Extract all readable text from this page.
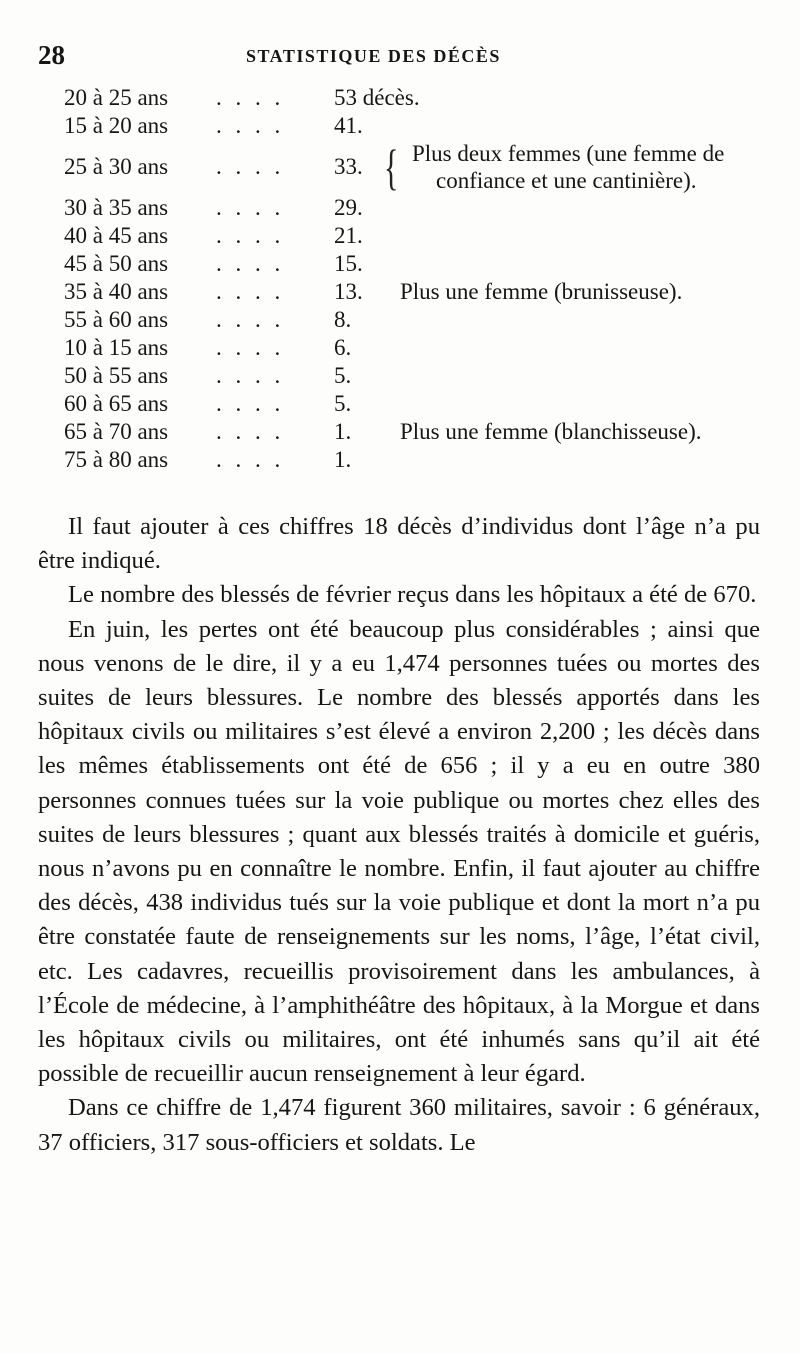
28	STATISTIQUE DES DÉCÈS
20 à 25 ans . . . . 53 décès.
15 à 20 ans . . . . 41.
25 à 30 ans . . . . 33. { Plus deux femmes (une femme de
confiance et une cantinière).
30 à 35 ans . . . . 29.
40 à 45 ans . . . . 21.
45 à 50 ans . . . . 15.
35 à 40 ans . . . . 13. Plus une femme (brunisseuse).
55 à 60 ans . . . . 8.
10 à 15 ans . . . . 6.
50 à 55 ans . . . . 5.
60 à 65 ans . . . . 5.
65 à 70 ans . . . . 1. Plus une femme (blanchisseuse).
75 à 80 ans . . . . 1.

Il faut ajouter à ces chiffres 18 décès d’individus dont l’âge n’a pu être indiqué.

Le nombre des blessés de février reçus dans les hôpitaux a été de 670.

En juin, les pertes ont été beaucoup plus considérables ; ainsi que nous venons de le dire, il y a eu 1,474 personnes tuées ou mortes des suites de leurs blessures. Le nombre des blessés apportés dans les hôpitaux civils ou militaires s’est élevé a environ 2,200 ; les décès dans les mêmes établissements ont été de 656 ; il y a eu en outre 380 personnes connues tuées sur la voie publique ou mortes chez elles des suites de leurs blessures ; quant aux blessés traités à domicile et guéris, nous n’avons pu en connaître le nombre. Enfin, il faut ajouter au chiffre des décès, 438 individus tués sur la voie publique et dont la mort n’a pu être constatée faute de renseignements sur les noms, l’âge, l’état civil, etc. Les cadavres, recueillis provisoirement dans les ambulances, à l’École de médecine, à l’amphithéâtre des hôpitaux, à la Morgue et dans les hôpitaux civils ou militaires, ont été inhumés sans qu’il ait été possible de recueillir aucun renseignement à leur égard.

Dans ce chiffre de 1,474 figurent 360 militaires, savoir : 6 généraux, 37 officiers, 317 sous-officiers et soldats. Le
